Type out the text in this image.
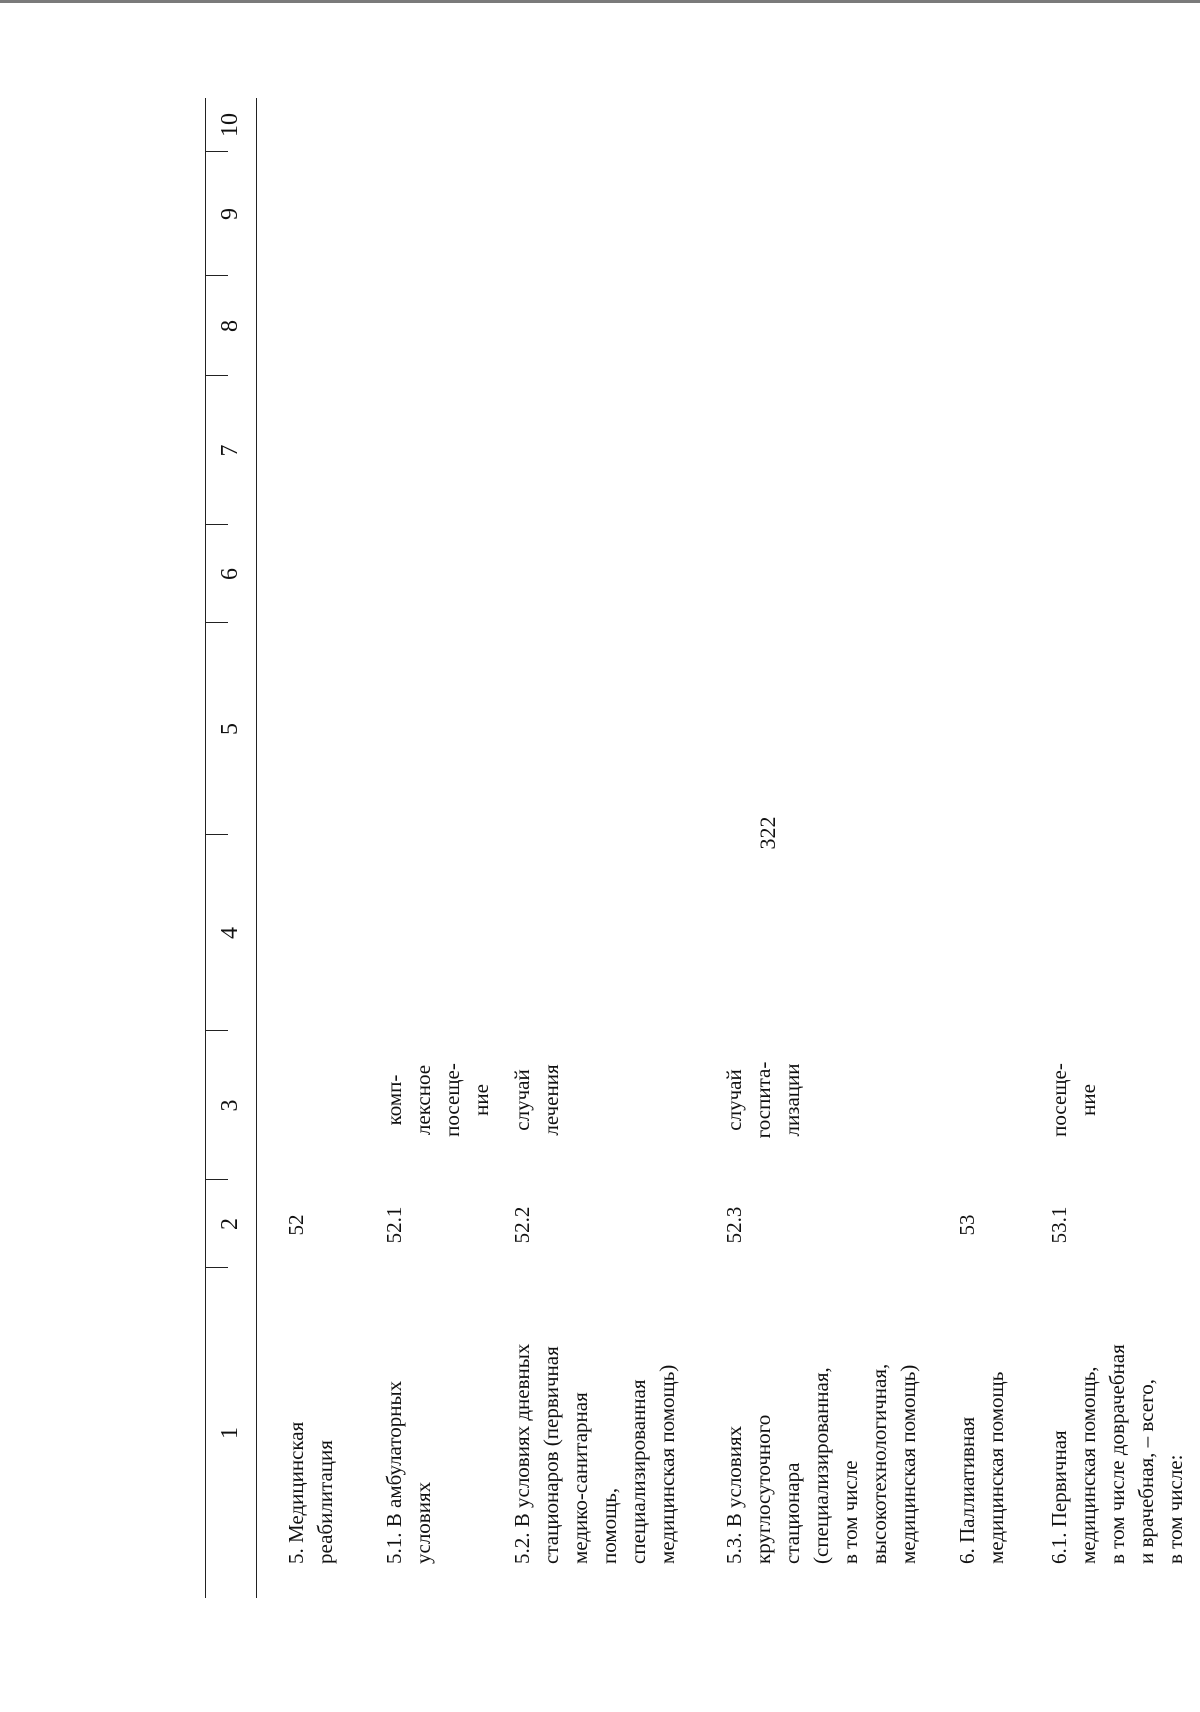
322
1
2
3
4
5
6
7
8
9
10
5. Медицинская реабилитация
52
5.1. В амбулаторных условиях
52.1
комп- лексное посеще- ние
5.2. В условиях дневных стационаров (первичная медико-санитарная помощь, специализированная медицинская помощь)
52.2
случай лечения
5.3. В условиях круглосуточного стационара (специализированная, в том числе высокотехнологичная, медицинская помощь)
52.3
случай госпита- лизации
6. Паллиативная медицинская помощь
53
6.1. Первичная медицинская помощь, в том числе доврачебная и врачебная, – всего, в том числе:
53.1
посеще- ние
